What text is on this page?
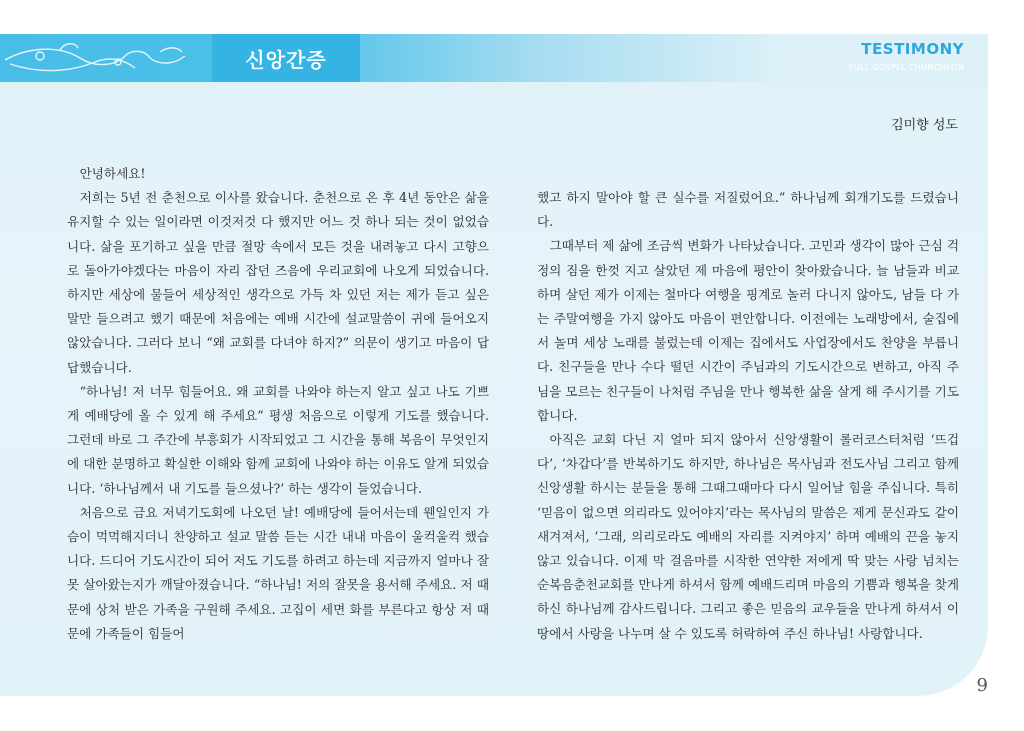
신앙간증	TESTIMONY
FULL GOSPEL CHUNCHEON
김미향 성도

안녕하세요!

저희는 5년 전 춘천으로 이사를 왔습니다. 춘천으로 온 후 4년 동안은 삶을 유지할 수 있는 일이라면 이것저것 다 했지만 어느 것 하나 되는 것이 없었습니다. 삶을 포기하고 싶을 만큼 절망 속에서 모든 것을 내려놓고 다시 고향으로 돌아가야겠다는 마음이 자리 잡던 즈음에 우리교회에 나오게 되었습니다. 하지만 세상에 물들어 세상적인 생각으로 가득 차 있던 저는 제가 듣고 싶은 말만 들으려고 했기 때문에 처음에는 예배 시간에 설교말씀이 귀에 들어오지 않았습니다. 그러다 보니 “왜 교회를 다녀야 하지?” 의문이 생기고 마음이 답답했습니다.

“하나님! 저 너무 힘들어요. 왜 교회를 나와야 하는지 알고 싶고 나도 기쁘게 예배당에 올 수 있게 해 주세요” 평생 처음으로 이렇게 기도를 했습니다. 그런데 바로 그 주간에 부흥회가 시작되었고 그 시간을 통해 복음이 무엇인지에 대한 분명하고 확실한 이해와 함께 교회에 나와야 하는 이유도 알게 되었습니다. ‘하나님께서 내 기도를 들으셨나?’ 하는 생각이 들었습니다.

처음으로 금요 저녁기도회에 나오던 날! 예배당에 들어서는데 웬일인지 가슴이 먹먹해지더니 찬양하고 설교 말씀 듣는 시간 내내 마음이 울컥울컥 했습니다. 드디어 기도시간이 되어 저도 기도를 하려고 하는데 지금까지 얼마나 잘못 살아왔는지가 깨달아졌습니다. “하나님! 저의 잘못을 용서해 주세요. 저 때문에 상처 받은 가족을 구원해 주세요. 고집이 세면 화를 부른다고 항상 저 때문에 가족들이 힘들어

했고 하지 말아야 할 큰 실수를 저질렀어요.” 하나님께 회개기도를 드렸습니다.

그때부터 제 삶에 조금씩 변화가 나타났습니다. 고민과 생각이 많아 근심 걱정의 짐을 한껏 지고 살았던 제 마음에 평안이 찾아왔습니다. 늘 남들과 비교하며 살던 제가 이제는 철마다 여행을 핑계로 놀러 다니지 않아도, 남들 다 가는 주말여행을 가지 않아도 마음이 편안합니다. 이전에는 노래방에서, 술집에서 놀며 세상 노래를 불렀는데 이제는 집에서도 사업장에서도 찬양을 부릅니다. 친구들을 만나 수다 떨던 시간이 주님과의 기도시간으로 변하고, 아직 주님을 모르는 친구들이 나처럼 주님을 만나 행복한 삶을 살게 해 주시기를 기도합니다.

아직은 교회 다닌 지 얼마 되지 않아서 신앙생활이 롤러코스터처럼 ‘뜨겁다’, ‘차갑다’를 반복하기도 하지만, 하나님은 목사님과 전도사님 그리고 함께 신앙생활 하시는 분들을 통해 그때그때마다 다시 일어날 힘을 주십니다. 특히 ‘믿음이 없으면 의리라도 있어야지’라는 목사님의 말씀은 제게 문신과도 같이 새겨져서, ‘그래, 의리로라도 예배의 자리를 지켜야지’ 하며 예배의 끈을 놓지 않고 있습니다. 이제 막 걸음마를 시작한 연약한 저에게 딱 맞는 사랑 넘치는 순복음춘천교회를 만나게 하셔서 함께 예배드리며 마음의 기쁨과 행복을 찾게 하신 하나님께 감사드립니다. 그리고 좋은 믿음의 교우들을 만나게 하셔서 이 땅에서 사랑을 나누며 살 수 있도록 허락하여 주신 하나님! 사랑합니다.

9
